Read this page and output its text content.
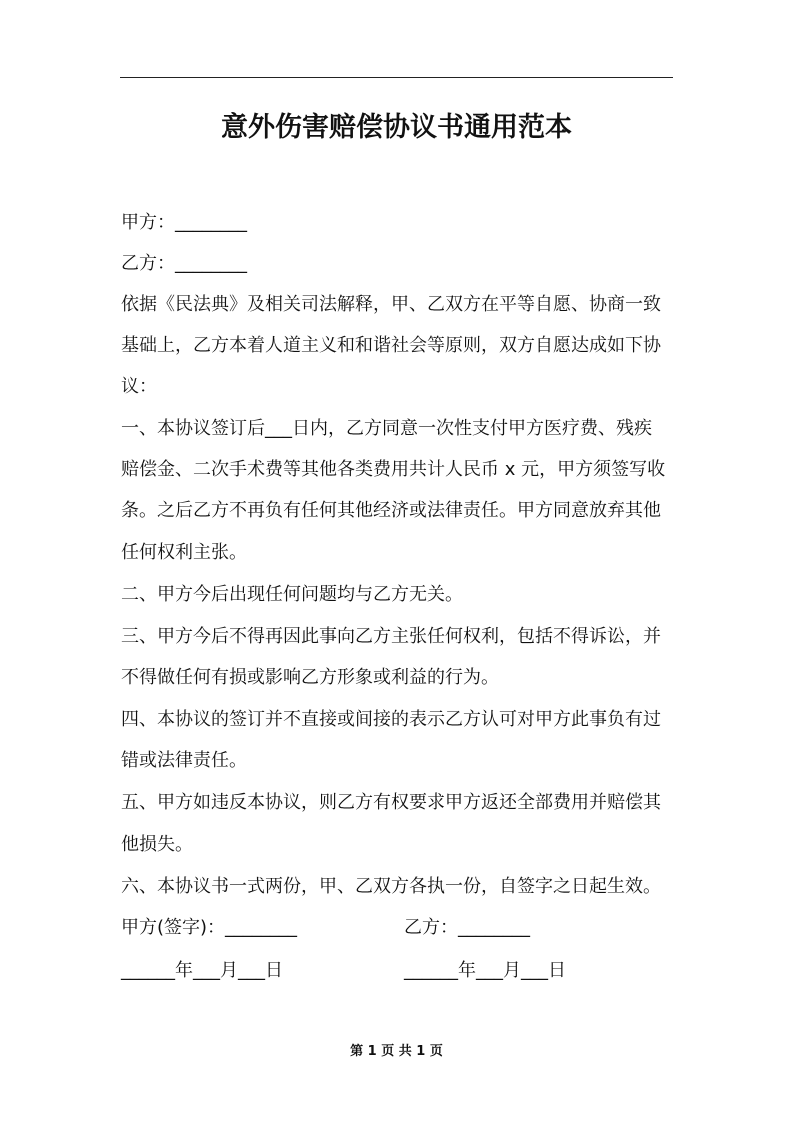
意外伤害赔偿协议书通用范本
甲方：________
乙方：________
依据《民法典》及相关司法解释，甲、乙双方在平等自愿、协商一致
基础上，乙方本着人道主义和和谐社会等原则，双方自愿达成如下协
议：
一、本协议签订后___日内，乙方同意一次性支付甲方医疗费、残疾
赔偿金、二次手术费等其他各类费用共计人民币 x 元，甲方须签写收
条。之后乙方不再负有任何其他经济或法律责任。甲方同意放弃其他
任何权利主张。
二、甲方今后出现任何问题均与乙方无关。
三、甲方今后不得再因此事向乙方主张任何权利，包括不得诉讼，并
不得做任何有损或影响乙方形象或利益的行为。
四、本协议的签订并不直接或间接的表示乙方认可对甲方此事负有过
错或法律责任。
五、甲方如违反本协议，则乙方有权要求甲方返还全部费用并赔偿其
他损失。
六、本协议书一式两份，甲、乙双方各执一份，自签字之日起生效。
甲方(签字)：________	乙方：________
______年___月___日	______年___月___日
第 1 页 共 1 页
